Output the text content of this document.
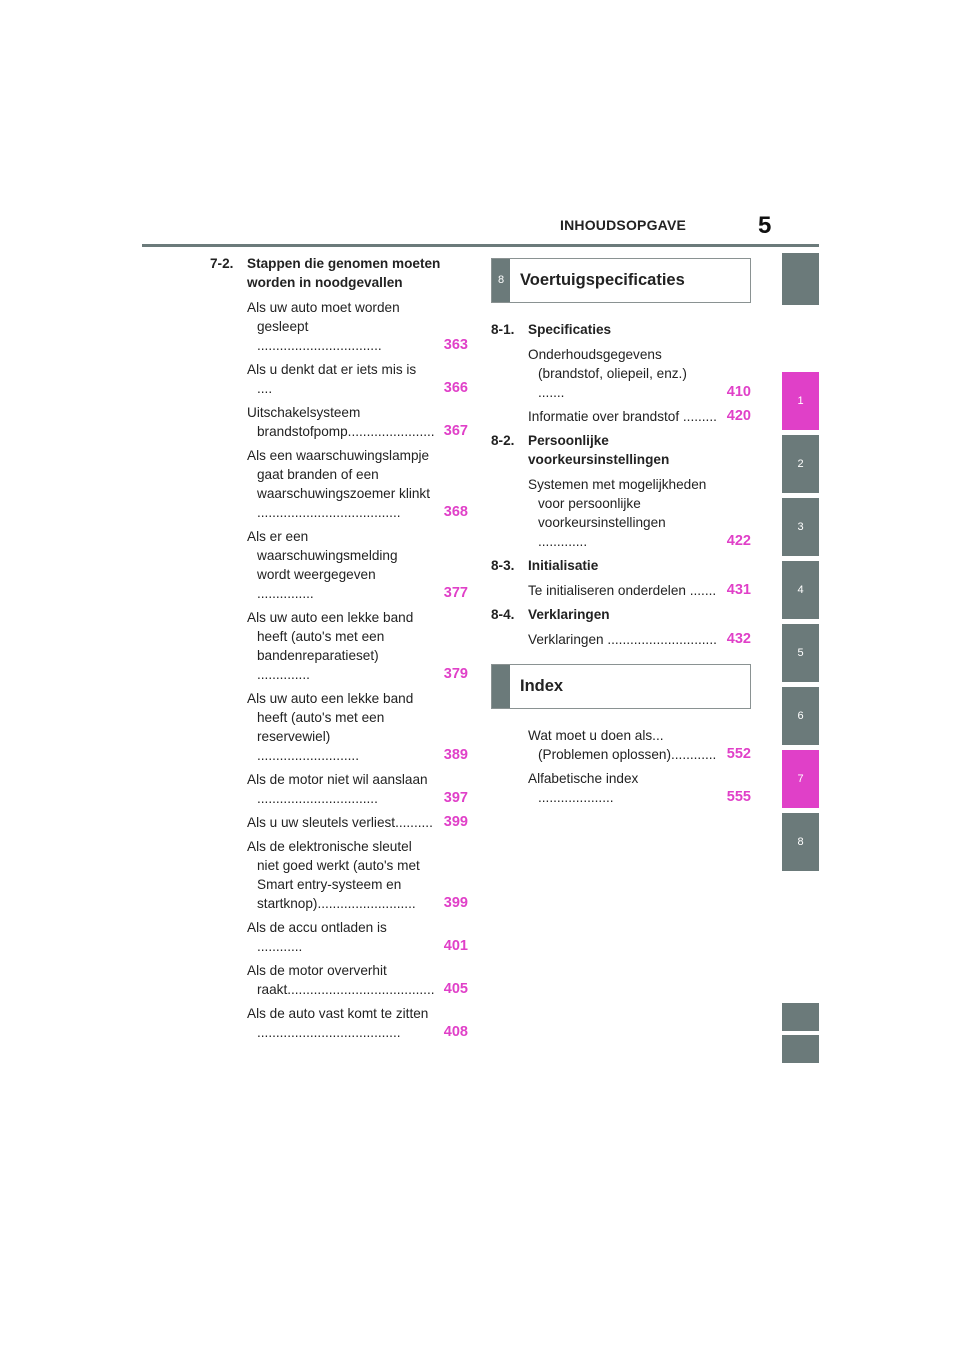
INHOUDSOPGAVE	5
7-2. Stappen die genomen moeten worden in noodgevallen
Als uw auto moet worden gesleept .................................	363
Als u denkt dat er iets mis is ....	366
Uitschakelsysteem brandstofpomp....................... 367
Als een waarschuwingslampje gaat branden of een waarschuwingszoemer klinkt ......................................	368
Als er een waarschuwingsmelding wordt weergegeven ...............	377
Als uw auto een lekke band heeft (auto's met een bandenreparatieset) ..............	379
Als uw auto een lekke band heeft (auto's met een reservewiel) ...........................	389
Als de motor niet wil aanslaan ................................	397
Als u uw sleutels verliest.......... 399
Als de elektronische sleutel niet goed werkt (auto's met Smart entry-systeem en startknop).......................... 399
Als de accu ontladen is ............	401
Als de motor oververhit raakt....................................... 405
Als de auto vast komt te zitten ......................................	408
8 Voertuigspecificaties
8-1. Specificaties
Onderhoudsgegevens (brandstof, oliepeil, enz.) .......	410
Informatie over brandstof ......... 420
8-2. Persoonlijke voorkeursinstellingen
Systemen met mogelijkheden voor persoonlijke voorkeursinstellingen .............	422
8-3. Initialisatie
Te initialiseren onderdelen ....... 431
8-4. Verklaringen
Verklaringen ............................. 432
Index
Wat moet u doen als... (Problemen oplossen)............ 552
Alfabetische index ....................	555
1
2
3
4
5
6
7
8
